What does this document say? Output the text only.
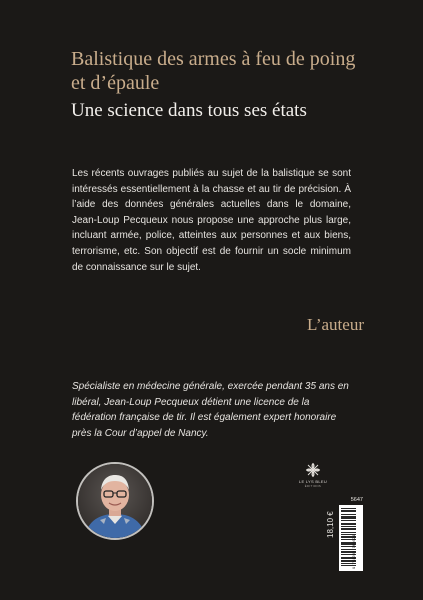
Balistique des armes à feu de poing et d’épaule
Une science dans tous ses états

Les récents ouvrages publiés au sujet de la balistique se sont intéressés essentiellement à la chasse et au tir de précision. À l’aide des données générales actuelles dans le domaine, Jean-Loup Pecqueux nous propose une approche plus large, incluant armée, police, atteintes aux personnes et aux biens, terrorisme, etc. Son objectif est de fournir un socle minimum de connaissance sur le sujet.

L’auteur

Spécialiste en médecine générale, exercée pendant 35 ans en libéral, Jean-Loup Pecqueux détient une licence de la fédération française de tir. Il est également expert honoraire près la Cour d’appel de Nancy.

LE LYS BLEU
ÉDITIONS
5647
18,10 €
9 791037 765624
